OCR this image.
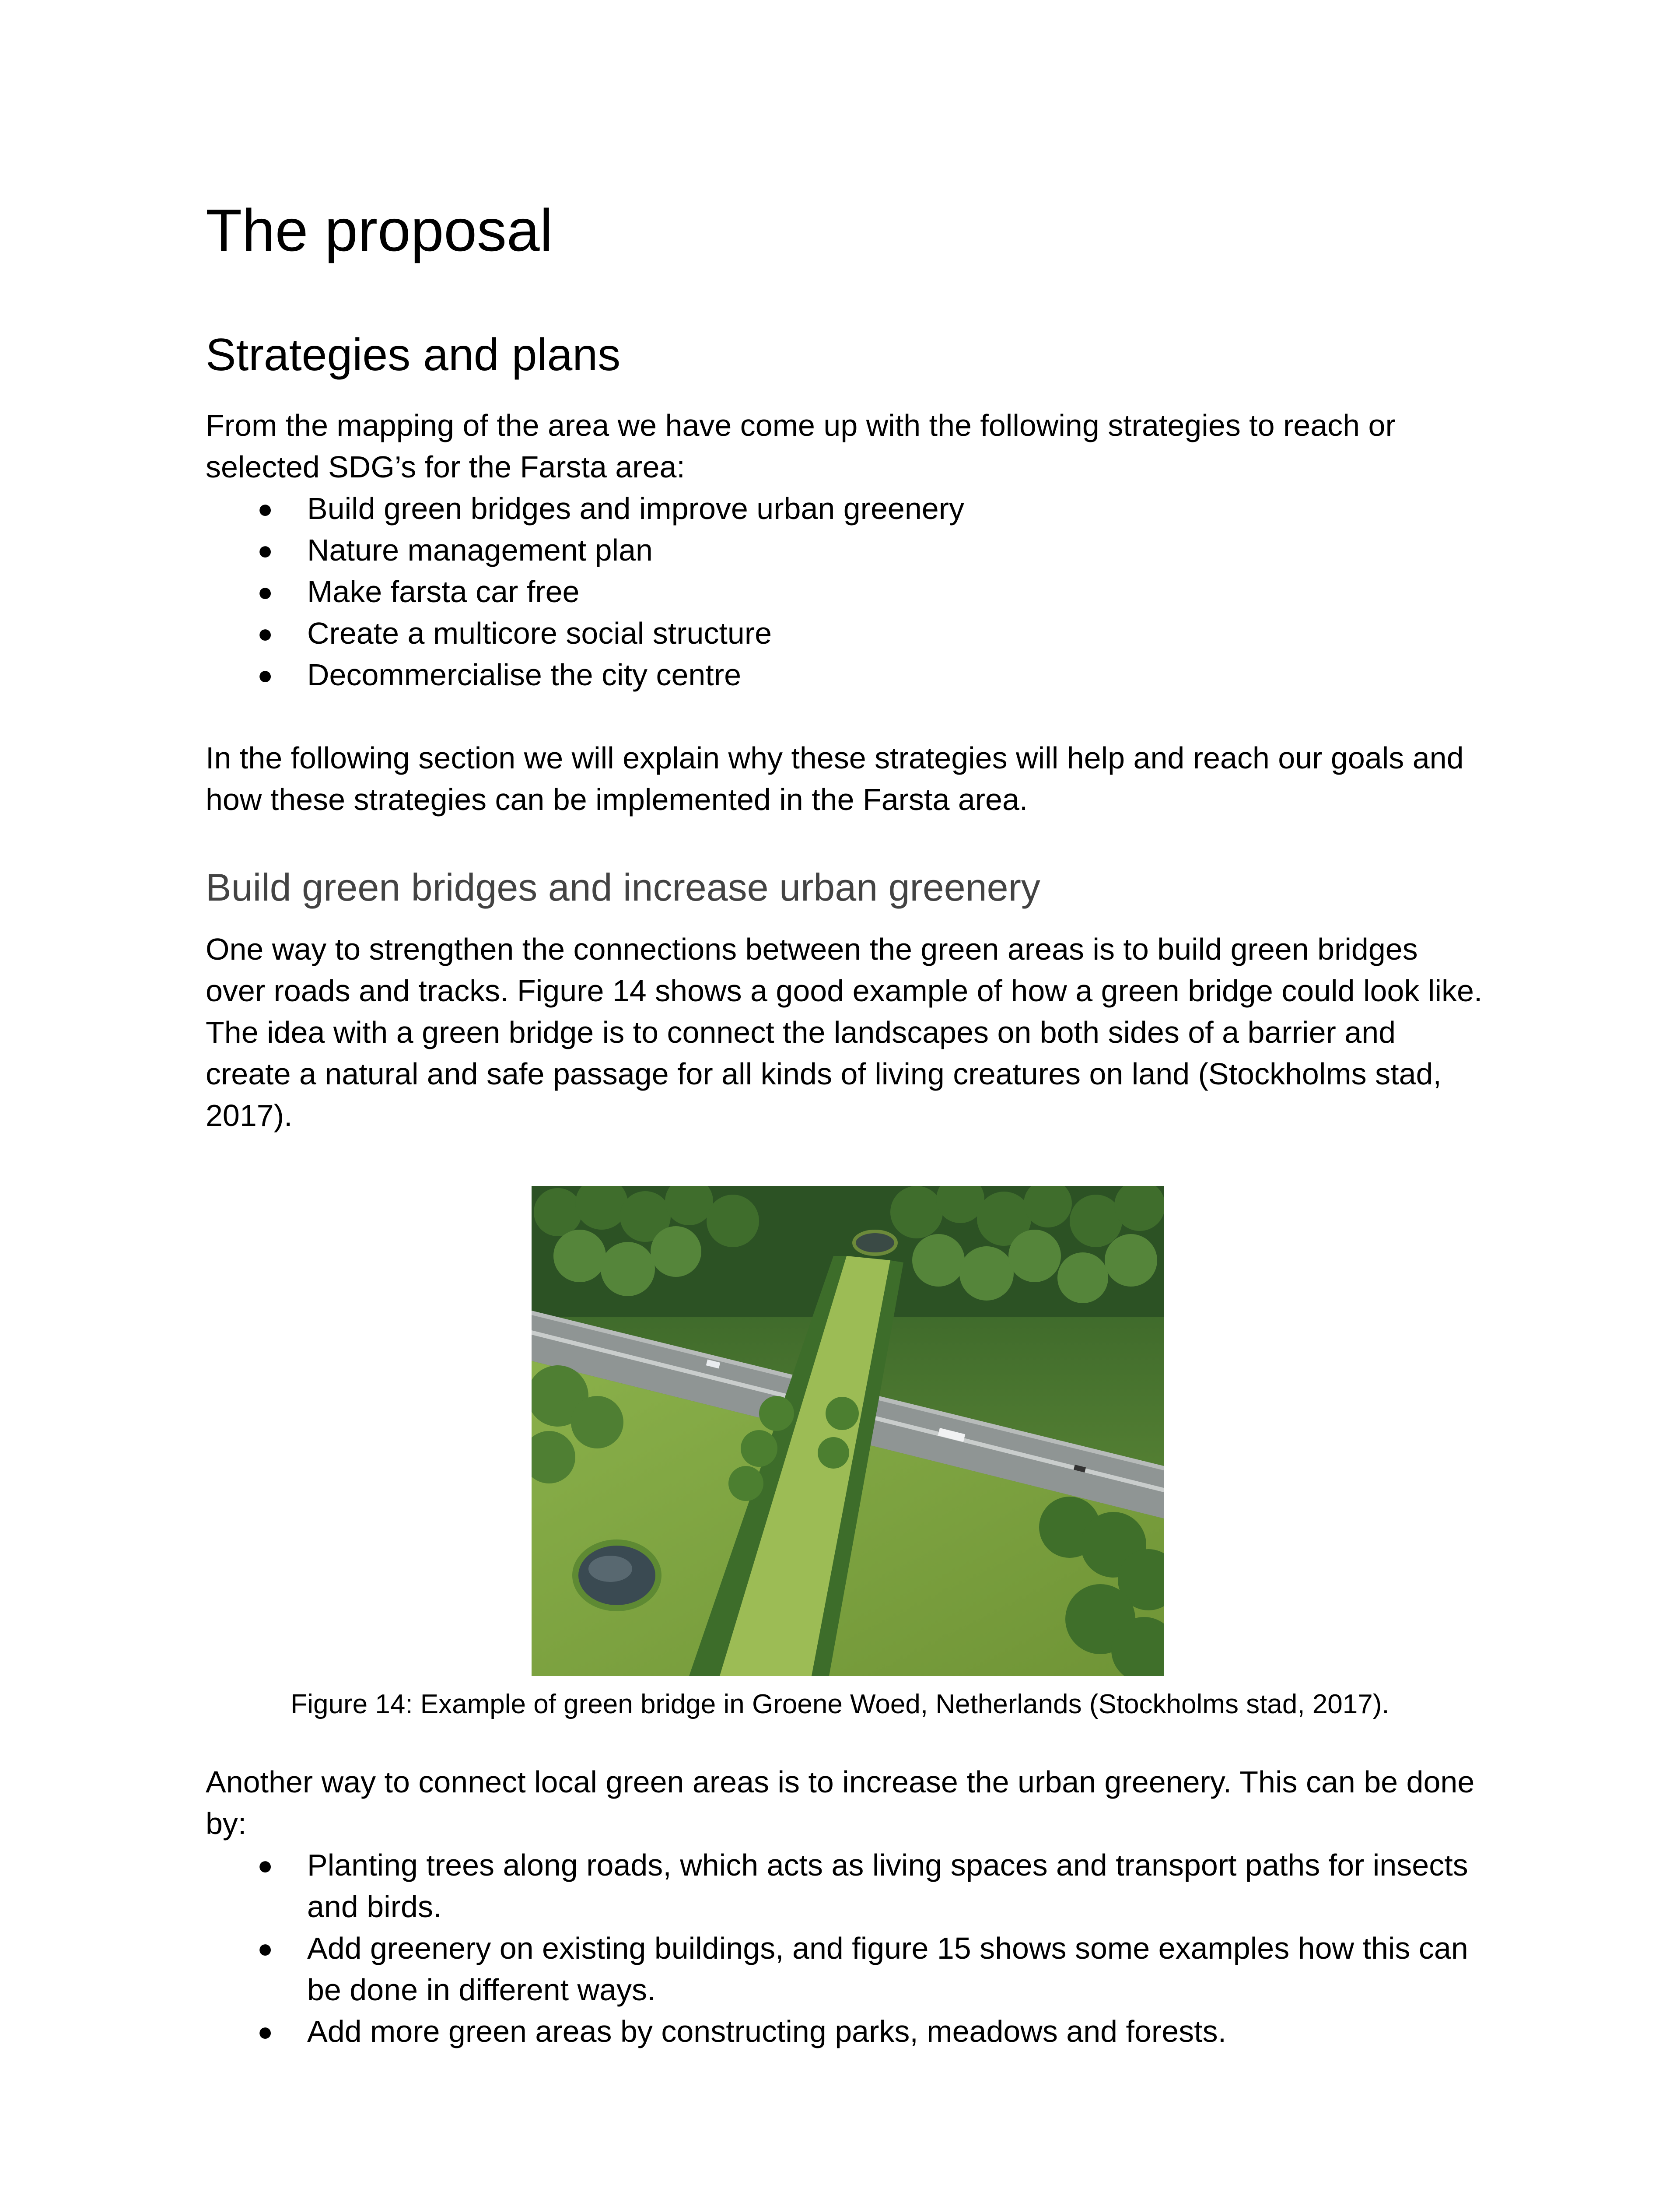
The proposal
Strategies and plans

From the mapping of the area we have come up with the following strategies to reach or selected SDG’s for the Farsta area:

● Build green bridges and improve urban greenery
● Nature management plan
● Make farsta car free
● Create a multicore social structure
● Decommercialise the city centre

In the following section we will explain why these strategies will help and reach our goals and how these strategies can be implemented in the Farsta area.

Build green bridges and increase urban greenery

One way to strengthen the connections between the green areas is to build green bridges over roads and tracks. Figure 14 shows a good example of how a green bridge could look like. The idea with a green bridge is to connect the landscapes on both sides of a barrier and create a natural and safe passage for all kinds of living creatures on land (Stockholms stad, 2017).

Figure 14: Example of green bridge in Groene Woed, Netherlands (Stockholms stad, 2017).

Another way to connect local green areas is to increase the urban greenery. This can be done by:

● Planting trees along roads, which acts as living spaces and transport paths for insects and birds.
● Add greenery on existing buildings, and figure 15 shows some examples how this can be done in different ways.
● Add more green areas by constructing parks, meadows and forests.
